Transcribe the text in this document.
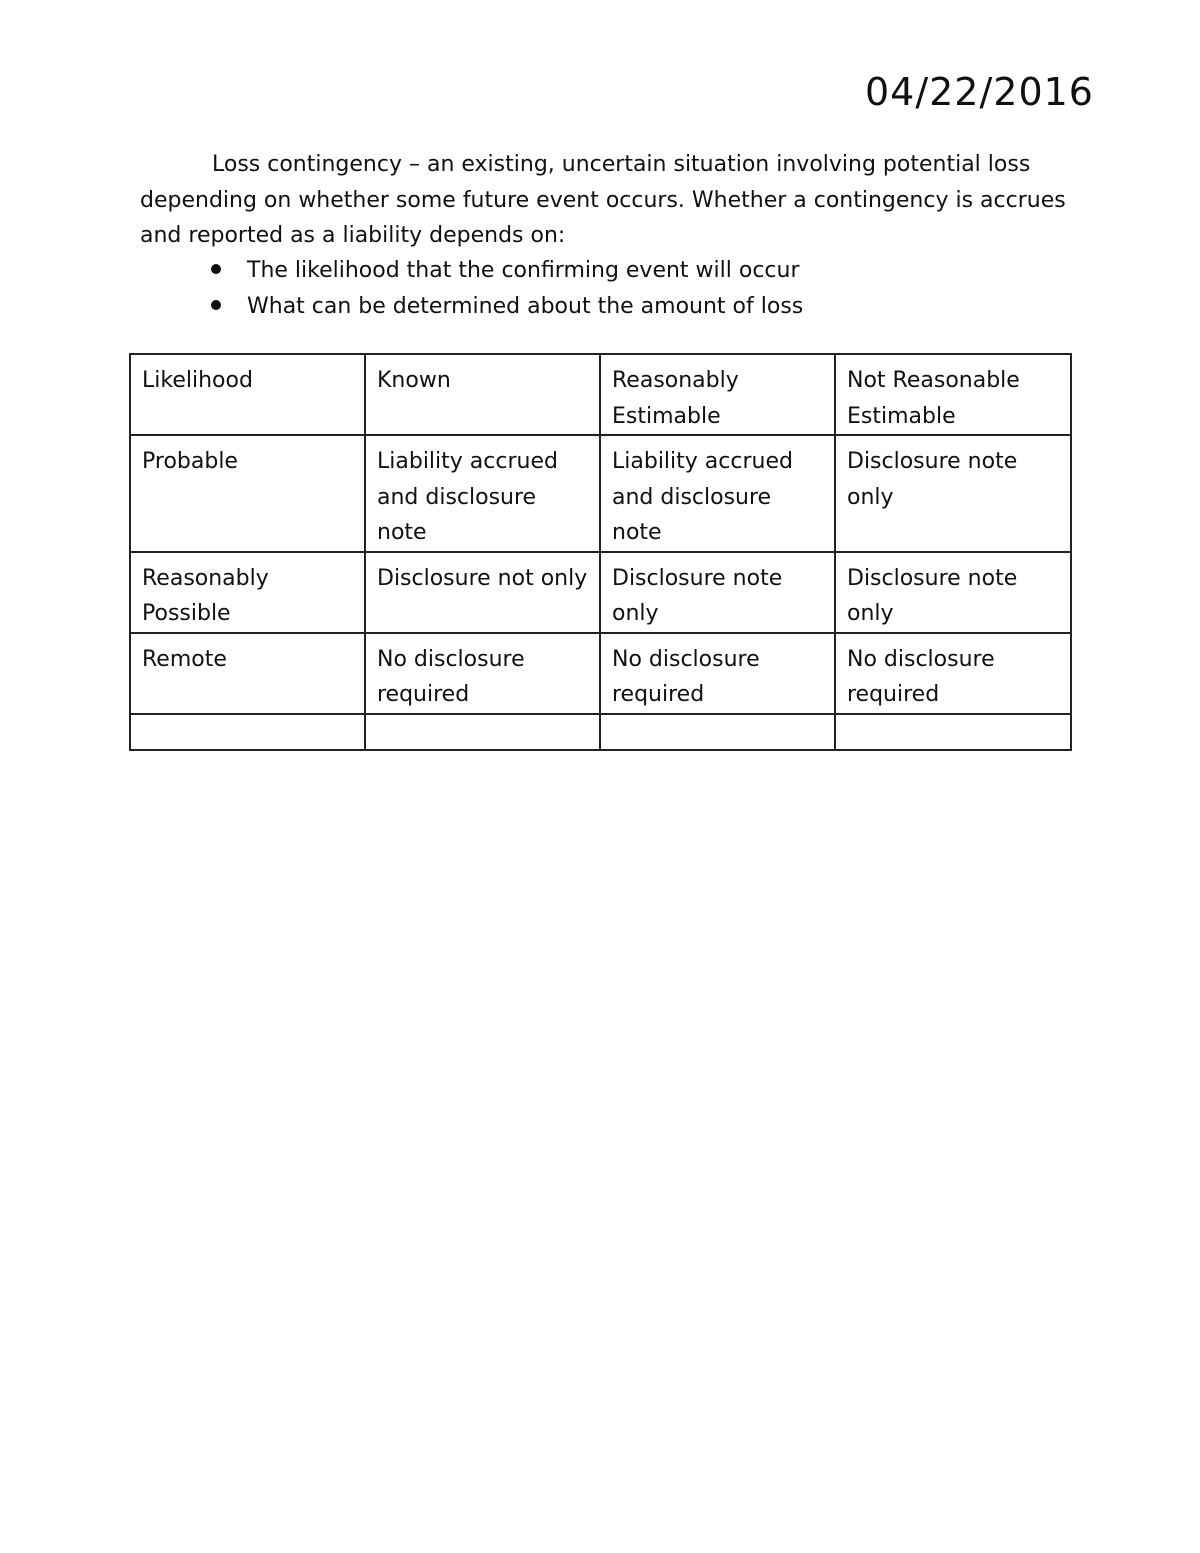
04/22/2016
Loss contingency – an existing, uncertain situation involving potential loss depending on whether some future event occurs. Whether a contingency is accrues and reported as a liability depends on:
The likelihood that the confirming event will occur
What can be determined about the amount of loss
Likelihood	Known	Reasonably Estimable	Not Reasonable Estimable
Probable	Liability accrued and disclosure note	Liability accrued and disclosure note	Disclosure note only
Reasonably Possible	Disclosure not only	Disclosure note only	Disclosure note only
Remote	No disclosure required	No disclosure required	No disclosure required
